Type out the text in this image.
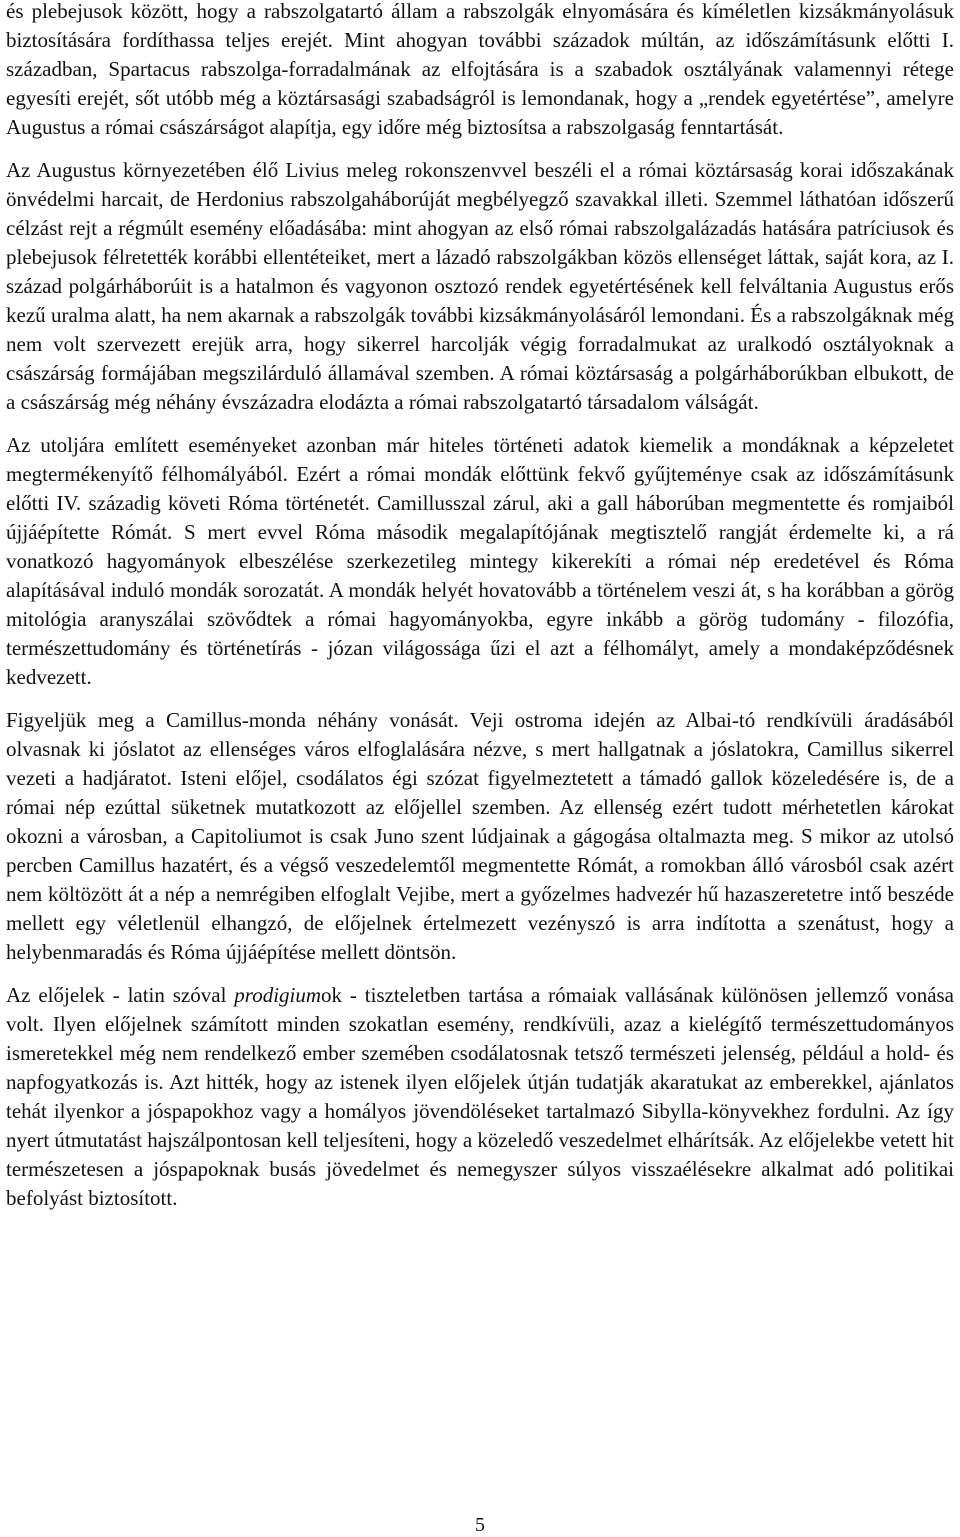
és plebejusok között, hogy a rabszolgatartó állam a rabszolgák elnyomására és kíméletlen kizsákmányolásuk biztosítására fordíthassa teljes erejét. Mint ahogyan további századok múltán, az időszámításunk előtti I. században, Spartacus rabszolga-forradalmának az elfojtására is a szabadok osztályának valamennyi rétege egyesíti erejét, sőt utóbb még a köztársasági szabadságról is lemondanak, hogy a „rendek egyetértése”, amelyre Augustus a római császárságot alapítja, egy időre még biztosítsa a rabszolgaság fenntartását.

Az Augustus környezetében élő Livius meleg rokonszenvvel beszéli el a római köztársaság korai időszakának önvédelmi harcait, de Herdonius rabszolgaháborúját megbélyegző szavakkal illeti. Szemmel láthatóan időszerű célzást rejt a régmúlt esemény előadásába: mint ahogyan az első római rabszolgalázadás hatására patríciusok és plebejusok félretették korábbi ellentéteiket, mert a lázadó rabszolgákban közös ellenséget láttak, saját kora, az I. század polgárháborúit is a hatalmon és vagyonon osztozó rendek egyetértésének kell felváltania Augustus erős kezű uralma alatt, ha nem akarnak a rabszolgák további kizsákmányolásáról lemondani. És a rabszolgáknak még nem volt szervezett erejük arra, hogy sikerrel harcolják végig forradalmukat az uralkodó osztályoknak a császárság formájában megszilárduló államával szemben. A római köztársaság a polgárháborúkban elbukott, de a császárság még néhány évszázadra elodázta a római rabszolgatartó társadalom válságát.

Az utoljára említett eseményeket azonban már hiteles történeti adatok kiemelik a mondáknak a képzeletet megtermékenyítő félhomályából. Ezért a római mondák előttünk fekvő gyűjteménye csak az időszámításunk előtti IV. századig követi Róma történetét. Camillusszal zárul, aki a gall háborúban megmentette és romjaiból újjáépítette Rómát. S mert evvel Róma második megalapítójának megtisztelő rangját érdemelte ki, a rá vonatkozó hagyományok elbeszélése szerkezetileg mintegy kikerekíti a római nép eredetével és Róma alapításával induló mondák sorozatát. A mondák helyét hovatovább a történelem veszi át, s ha korábban a görög mitológia aranyszálai szövődtek a római hagyományokba, egyre inkább a görög tudomány - filozófia, természettudomány és történetírás - józan világossága űzi el azt a félhomályt, amely a mondaképződésnek kedvezett.

Figyeljük meg a Camillus-monda néhány vonását. Veji ostroma idején az Albai-tó rendkívüli áradásából olvasnak ki jóslatot az ellenséges város elfoglalására nézve, s mert hallgatnak a jóslatokra, Camillus sikerrel vezeti a hadjáratot. Isteni előjel, csodálatos égi szózat figyelmeztetett a támadó gallok közeledésére is, de a római nép ezúttal süketnek mutatkozott az előjellel szemben. Az ellenség ezért tudott mérhetetlen károkat okozni a városban, a Capitoliumot is csak Juno szent lúdjainak a gágogása oltalmazta meg. S mikor az utolsó percben Camillus hazatért, és a végső veszedelemtől megmentette Rómát, a romokban álló városból csak azért nem költözött át a nép a nemrégiben elfoglalt Vejibe, mert a győzelmes hadvezér hű hazaszeretetre intő beszéde mellett egy véletlenül elhangzó, de előjelnek értelmezett vezényszó is arra indította a szenátust, hogy a helybenmaradás és Róma újjáépítése mellett döntsön.

Az előjelek - latin szóval prodigiumok - tiszteletben tartása a rómaiak vallásának különösen jellemző vonása volt. Ilyen előjelnek számított minden szokatlan esemény, rendkívüli, azaz a kielégítő természettudományos ismeretekkel még nem rendelkező ember szemében csodálatosnak tetsző természeti jelenség, például a hold- és napfogyatkozás is. Azt hitték, hogy az istenek ilyen előjelek útján tudatják akaratukat az emberekkel, ajánlatos tehát ilyenkor a jóspapokhoz vagy a homályos jövendöléseket tartalmazó Sibylla-könyvekhez fordulni. Az így nyert útmutatást hajszálpontosan kell teljesíteni, hogy a közeledő veszedelmet elhárítsák. Az előjelekbe vetett hit természetesen a jóspapoknak busás jövedelmet és nemegyszer súlyos visszaélésekre alkalmat adó politikai befolyást biztosított.

5
